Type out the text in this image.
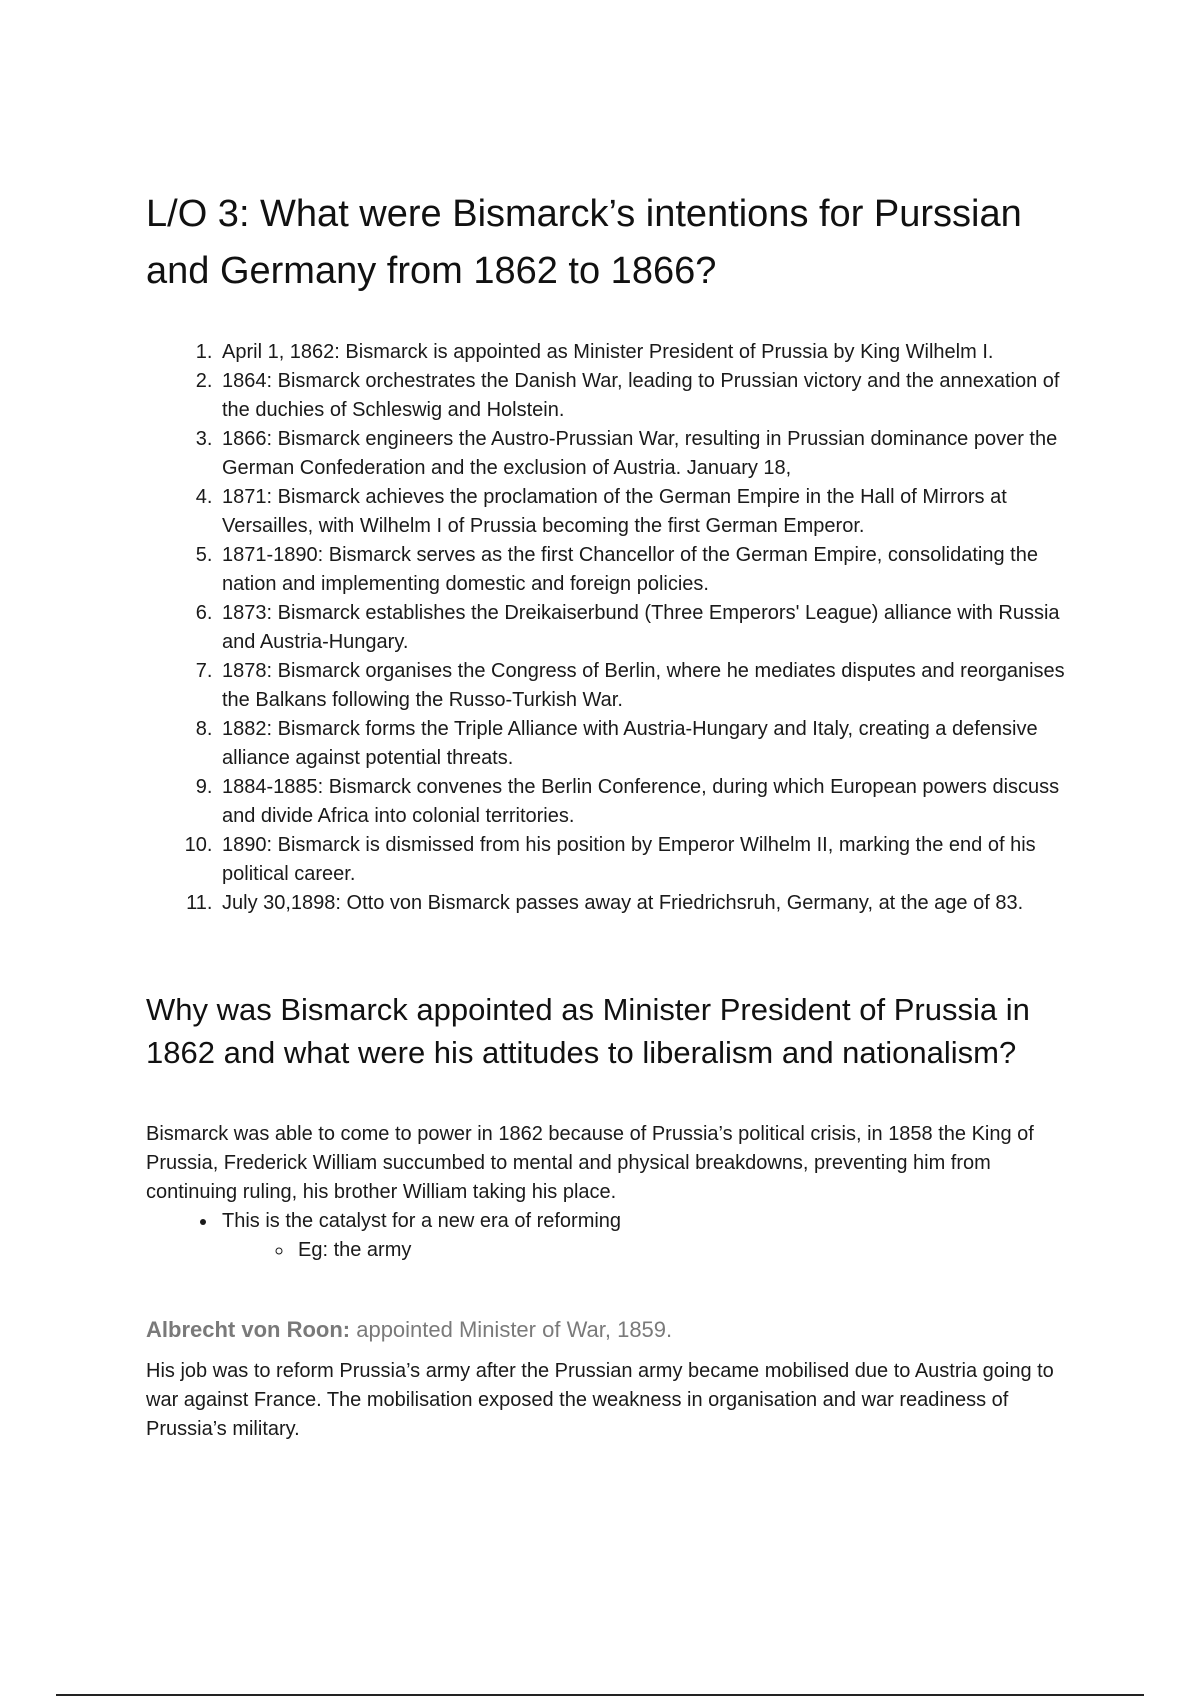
L/O 3: What were Bismarck’s intentions for Purssian and Germany from 1862 to 1866?
1. April 1, 1862: Bismarck is appointed as Minister President of Prussia by King Wilhelm I.
2. 1864: Bismarck orchestrates the Danish War, leading to Prussian victory and the annexation of the duchies of Schleswig and Holstein.
3. 1866: Bismarck engineers the Austro-Prussian War, resulting in Prussian dominance pover the German Confederation and the exclusion of Austria. January 18,
4. 1871: Bismarck achieves the proclamation of the German Empire in the Hall of Mirrors at Versailles, with Wilhelm I of Prussia becoming the first German Emperor.
5. 1871-1890: Bismarck serves as the first Chancellor of the German Empire, consolidating the nation and implementing domestic and foreign policies.
6. 1873: Bismarck establishes the Dreikaiserbund (Three Emperors' League) alliance with Russia and Austria-Hungary.
7. 1878: Bismarck organises the Congress of Berlin, where he mediates disputes and reorganises the Balkans following the Russo-Turkish War.
8. 1882: Bismarck forms the Triple Alliance with Austria-Hungary and Italy, creating a defensive alliance against potential threats.
9. 1884-1885: Bismarck convenes the Berlin Conference, during which European powers discuss and divide Africa into colonial territories.
10. 1890: Bismarck is dismissed from his position by Emperor Wilhelm II, marking the end of his political career.
11. July 30,1898: Otto von Bismarck passes away at Friedrichsruh, Germany, at the age of 83.
Why was Bismarck appointed as Minister President of Prussia in 1862 and what were his attitudes to liberalism and nationalism?

Bismarck was able to come to power in 1862 because of Prussia’s political crisis, in 1858 the King of Prussia, Frederick William succumbed to mental and physical breakdowns, preventing him from continuing ruling, his brother William taking his place.

• This is the catalyst for a new era of reforming
◦ Eg: the army

Albrecht von Roon: appointed Minister of War, 1859.

His job was to reform Prussia’s army after the Prussian army became mobilised due to Austria going to war against France. The mobilisation exposed the weakness in organisation and war readiness of Prussia’s military.
